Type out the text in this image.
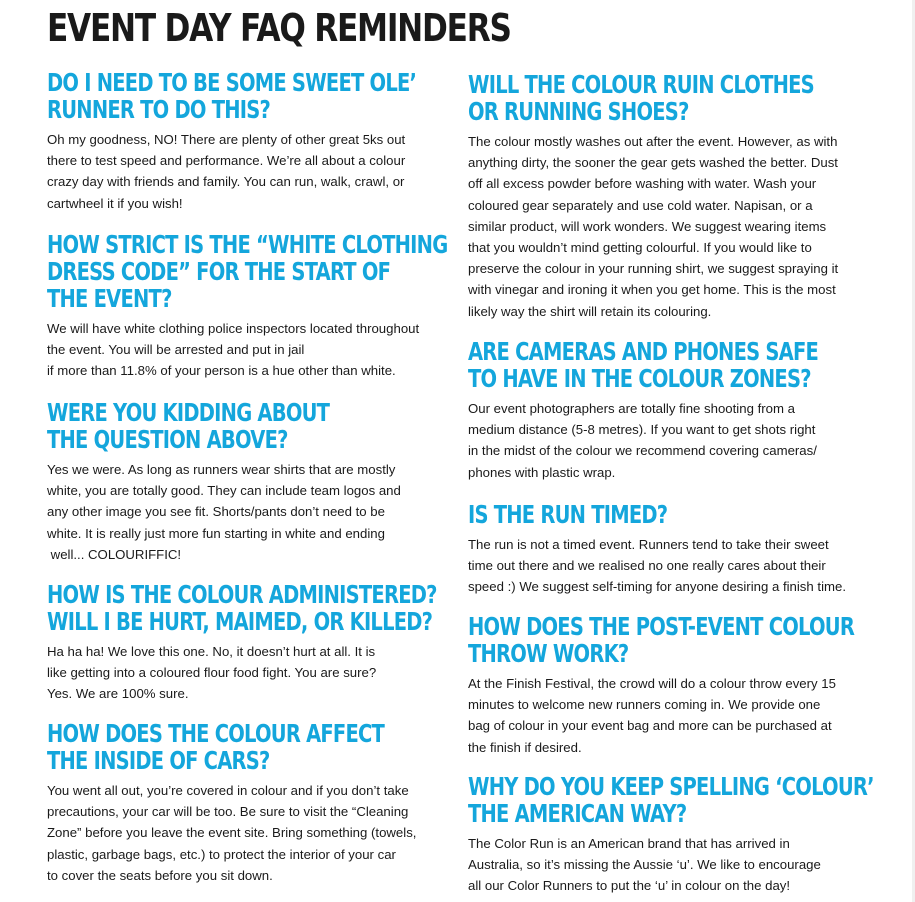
EVENT DAY FAQ REMINDERS
DO I NEED TO BE SOME SWEET OLE’
RUNNER TO DO THIS?
Oh my goodness, NO! There are plenty of other great 5ks out
there to test speed and performance. We’re all about a colour
crazy day with friends and family. You can run, walk, crawl, or
cartwheel it if you wish!
HOW STRICT IS THE “WHITE CLOTHING
DRESS CODE” FOR THE START OF
THE EVENT?
We will have white clothing police inspectors located throughout
the event. You will be arrested and put in jail
if more than 11.8% of your person is a hue other than white.
WERE YOU KIDDING ABOUT
THE QUESTION ABOVE?
Yes we were. As long as runners wear shirts that are mostly
white, you are totally good. They can include team logos and
any other image you see fit. Shorts/pants don’t need to be
white. It is really just more fun starting in white and ending
well... COLOURIFFIC!
HOW IS THE COLOUR ADMINISTERED?
WILL I BE HURT, MAIMED, OR KILLED?
Ha ha ha! We love this one. No, it doesn’t hurt at all. It is
like getting into a coloured flour food fight. You are sure?
Yes. We are 100% sure.
HOW DOES THE COLOUR AFFECT
THE INSIDE OF CARS?
You went all out, you’re covered in colour and if you don’t take
precautions, your car will be too. Be sure to visit the “Cleaning
Zone” before you leave the event site. Bring something (towels,
plastic, garbage bags, etc.) to protect the interior of your car
to cover the seats before you sit down.
WILL THE COLOUR RUIN CLOTHES
OR RUNNING SHOES?
The colour mostly washes out after the event. However, as with
anything dirty, the sooner the gear gets washed the better. Dust
off all excess powder before washing with water. Wash your
coloured gear separately and use cold water. Napisan, or a
similar product, will work wonders. We suggest wearing items
that you wouldn’t mind getting colourful. If you would like to
preserve the colour in your running shirt, we suggest spraying it
with vinegar and ironing it when you get home. This is the most
likely way the shirt will retain its colouring.
ARE CAMERAS AND PHONES SAFE
TO HAVE IN THE COLOUR ZONES?
Our event photographers are totally fine shooting from a
medium distance (5-8 metres). If you want to get shots right
in the midst of the colour we recommend covering cameras/
phones with plastic wrap.
IS THE RUN TIMED?
The run is not a timed event. Runners tend to take their sweet
time out there and we realised no one really cares about their
speed :) We suggest self-timing for anyone desiring a finish time.
HOW DOES THE POST-EVENT COLOUR
THROW WORK?
At the Finish Festival, the crowd will do a colour throw every 15
minutes to welcome new runners coming in. We provide one
bag of colour in your event bag and more can be purchased at
the finish if desired.
WHY DO YOU KEEP SPELLING ‘COLOUR’
THE AMERICAN WAY?
The Color Run is an American brand that has arrived in
Australia, so it’s missing the Aussie ‘u’. We like to encourage
all our Color Runners to put the ‘u’ in colour on the day!
